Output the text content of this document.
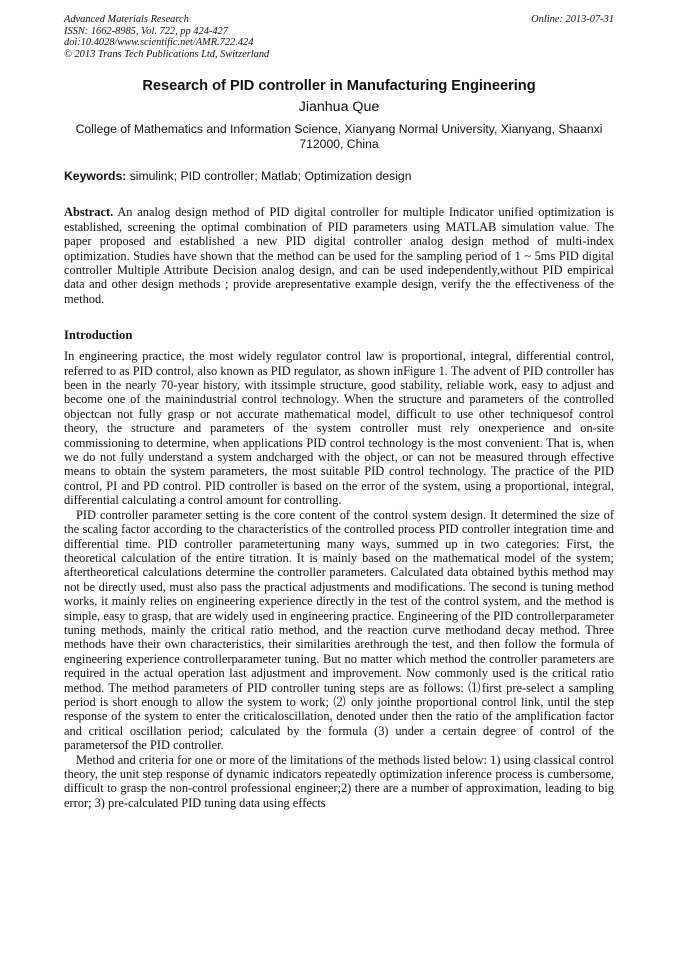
Advanced Materials Research
ISSN: 1662-8985, Vol. 722, pp 424-427
doi:10.4028/www.scientific.net/AMR.722.424
© 2013 Trans Tech Publications Ltd, Switzerland
Online: 2013-07-31
Research of PID controller in Manufacturing Engineering
Jianhua Que
College of Mathematics and Information Science, Xianyang Normal University, Xianyang, Shaanxi 712000, China
Keywords: simulink; PID controller; Matlab; Optimization design
Abstract. An analog design method of PID digital controller for multiple Indicator unified optimization is established, screening the optimal combination of PID parameters using MATLAB simulation value. The paper proposed and established a new PID digital controller analog design method of multi-index optimization. Studies have shown that the method can be used for the sampling period of 1 ~ 5ms PID digital controller Multiple Attribute Decision analog design, and can be used independently,without PID empirical data and other design methods ; provide arepresentative example design, verify the the effectiveness of the method.
Introduction

In engineering practice, the most widely regulator control law is proportional, integral, differential control, referred to as PID control, also known as PID regulator, as shown inFigure 1. The advent of PID controller has been in the nearly 70-year history, with itssimple structure, good stability, reliable work, easy to adjust and become one of the mainindustrial control technology. When the structure and parameters of the controlled objectcan not fully grasp or not accurate mathematical model, difficult to use other techniquesof control theory, the structure and parameters of the system controller must rely onexperience and on-site commissioning to determine, when applications PID control technology is the most convenient. That is, when we do not fully understand a system andcharged with the object, or can not be measured through effective means to obtain the system parameters, the most suitable PID control technology. The practice of the PID control, PI and PD control. PID controller is based on the error of the system, using a proportional, integral, differential calculating a control amount for controlling.

PID controller parameter setting is the core content of the control system design. It determined the size of the scaling factor according to the characteristics of the controlled process PID controller integration time and differential time. PID controller parametertuning many ways, summed up in two categories: First, the theoretical calculation of the entire titration. It is mainly based on the mathematical model of the system; aftertheoretical calculations determine the controller parameters. Calculated data obtained bythis method may not be directly used, must also pass the practical adjustments and modifications. The second is tuning method works, it mainly relies on engineering experience directly in the test of the control system, and the method is simple, easy to grasp, that are widely used in engineering practice. Engineering of the PID controllerparameter tuning methods, mainly the critical ratio method, and the reaction curve methodand decay method. Three methods have their own characteristics, their similarities arethrough the test, and then follow the formula of engineering experience controllerparameter tuning. But no matter which method the controller parameters are required in the actual operation last adjustment and improvement. Now commonly used is the critical ratio method. The method parameters of PID controller tuning steps are as follows: ⑴first pre-select a sampling period is short enough to allow the system to work; ⑵ only jointhe proportional control link, until the step response of the system to enter the criticaloscillation, denoted under then the ratio of the amplification factor and critical oscillation period; calculated by the formula (3) under a certain degree of control of the parametersof the PID controller.

Method and criteria for one or more of the limitations of the methods listed below: 1) using classical control theory, the unit step response of dynamic indicators repeatedly optimization inference process is cumbersome, difficult to grasp the non-control professional engineer;2) there are a number of approximation, leading to big error; 3) pre-calculated PID tuning data using effects
